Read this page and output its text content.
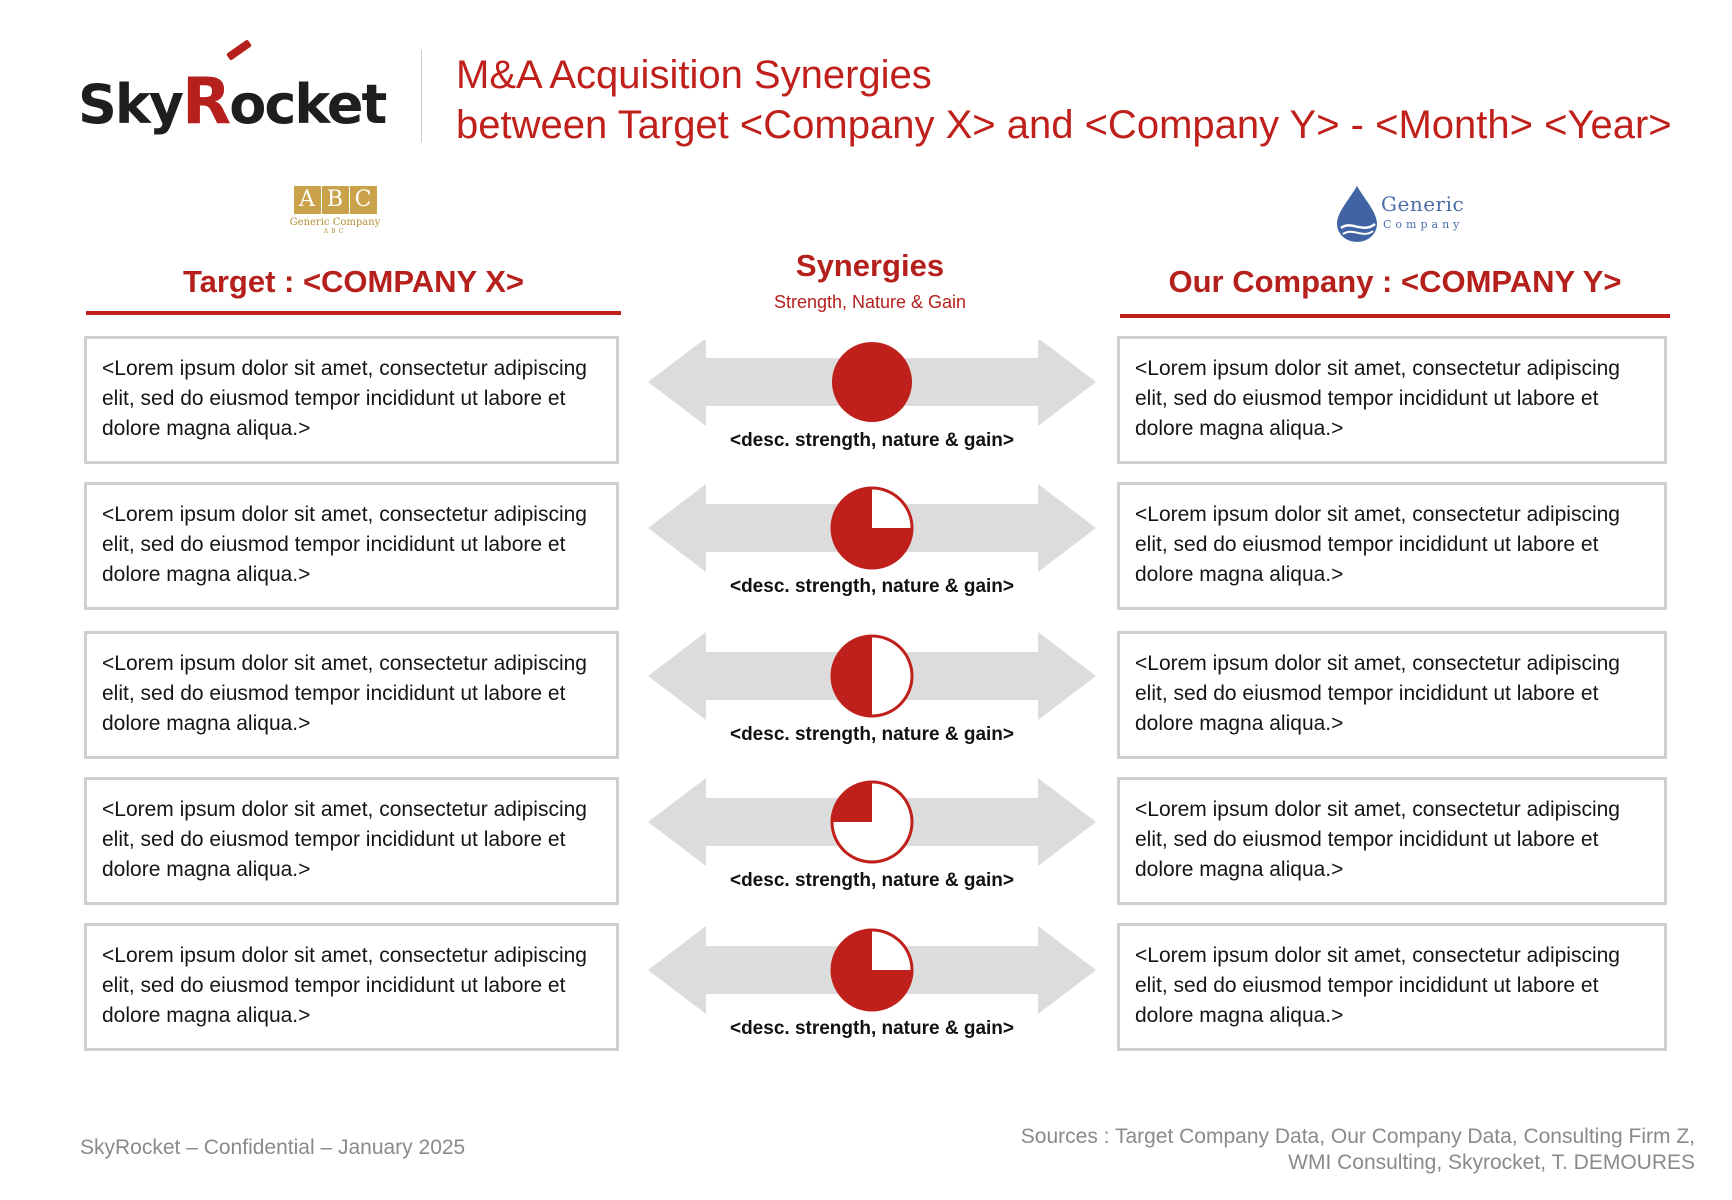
SkyRocket M&A Acquisition Synergies
between Target <Company X> and <Company Y> - <Month> <Year>
A B C
Generic Company
ABC
Generic
Company
Target : <COMPANY X>	Synergies
Strength, Nature & Gain
Our Company : <COMPANY Y>
<Lorem ipsum dolor sit amet, consectetur adipiscing elit, sed do eiusmod tempor incididunt ut labore et dolore magna aliqua.>
<Lorem ipsum dolor sit amet, consectetur adipiscing elit, sed do eiusmod tempor incididunt ut labore et dolore magna aliqua.>
<Lorem ipsum dolor sit amet, consectetur adipiscing elit, sed do eiusmod tempor incididunt ut labore et dolore magna aliqua.>
<Lorem ipsum dolor sit amet, consectetur adipiscing elit, sed do eiusmod tempor incididunt ut labore et dolore magna aliqua.>
<Lorem ipsum dolor sit amet, consectetur adipiscing elit, sed do eiusmod tempor incididunt ut labore et dolore magna aliqua.>
<Lorem ipsum dolor sit amet, consectetur adipiscing elit, sed do eiusmod tempor incididunt ut labore et dolore magna aliqua.>
<Lorem ipsum dolor sit amet, consectetur adipiscing elit, sed do eiusmod tempor incididunt ut labore et dolore magna aliqua.>
<Lorem ipsum dolor sit amet, consectetur adipiscing elit, sed do eiusmod tempor incididunt ut labore et dolore magna aliqua.>
<Lorem ipsum dolor sit amet, consectetur adipiscing elit, sed do eiusmod tempor incididunt ut labore et dolore magna aliqua.>
<Lorem ipsum dolor sit amet, consectetur adipiscing elit, sed do eiusmod tempor incididunt ut labore et dolore magna aliqua.>
<desc. strength, nature & gain>
<desc. strength, nature & gain>
<desc. strength, nature & gain>
<desc. strength, nature & gain>
<desc. strength, nature & gain>
SkyRocket – Confidential – January 2025	Sources : Target Company Data, Our Company Data, Consulting Firm Z,
WMI Consulting, Skyrocket, T. DEMOURES
